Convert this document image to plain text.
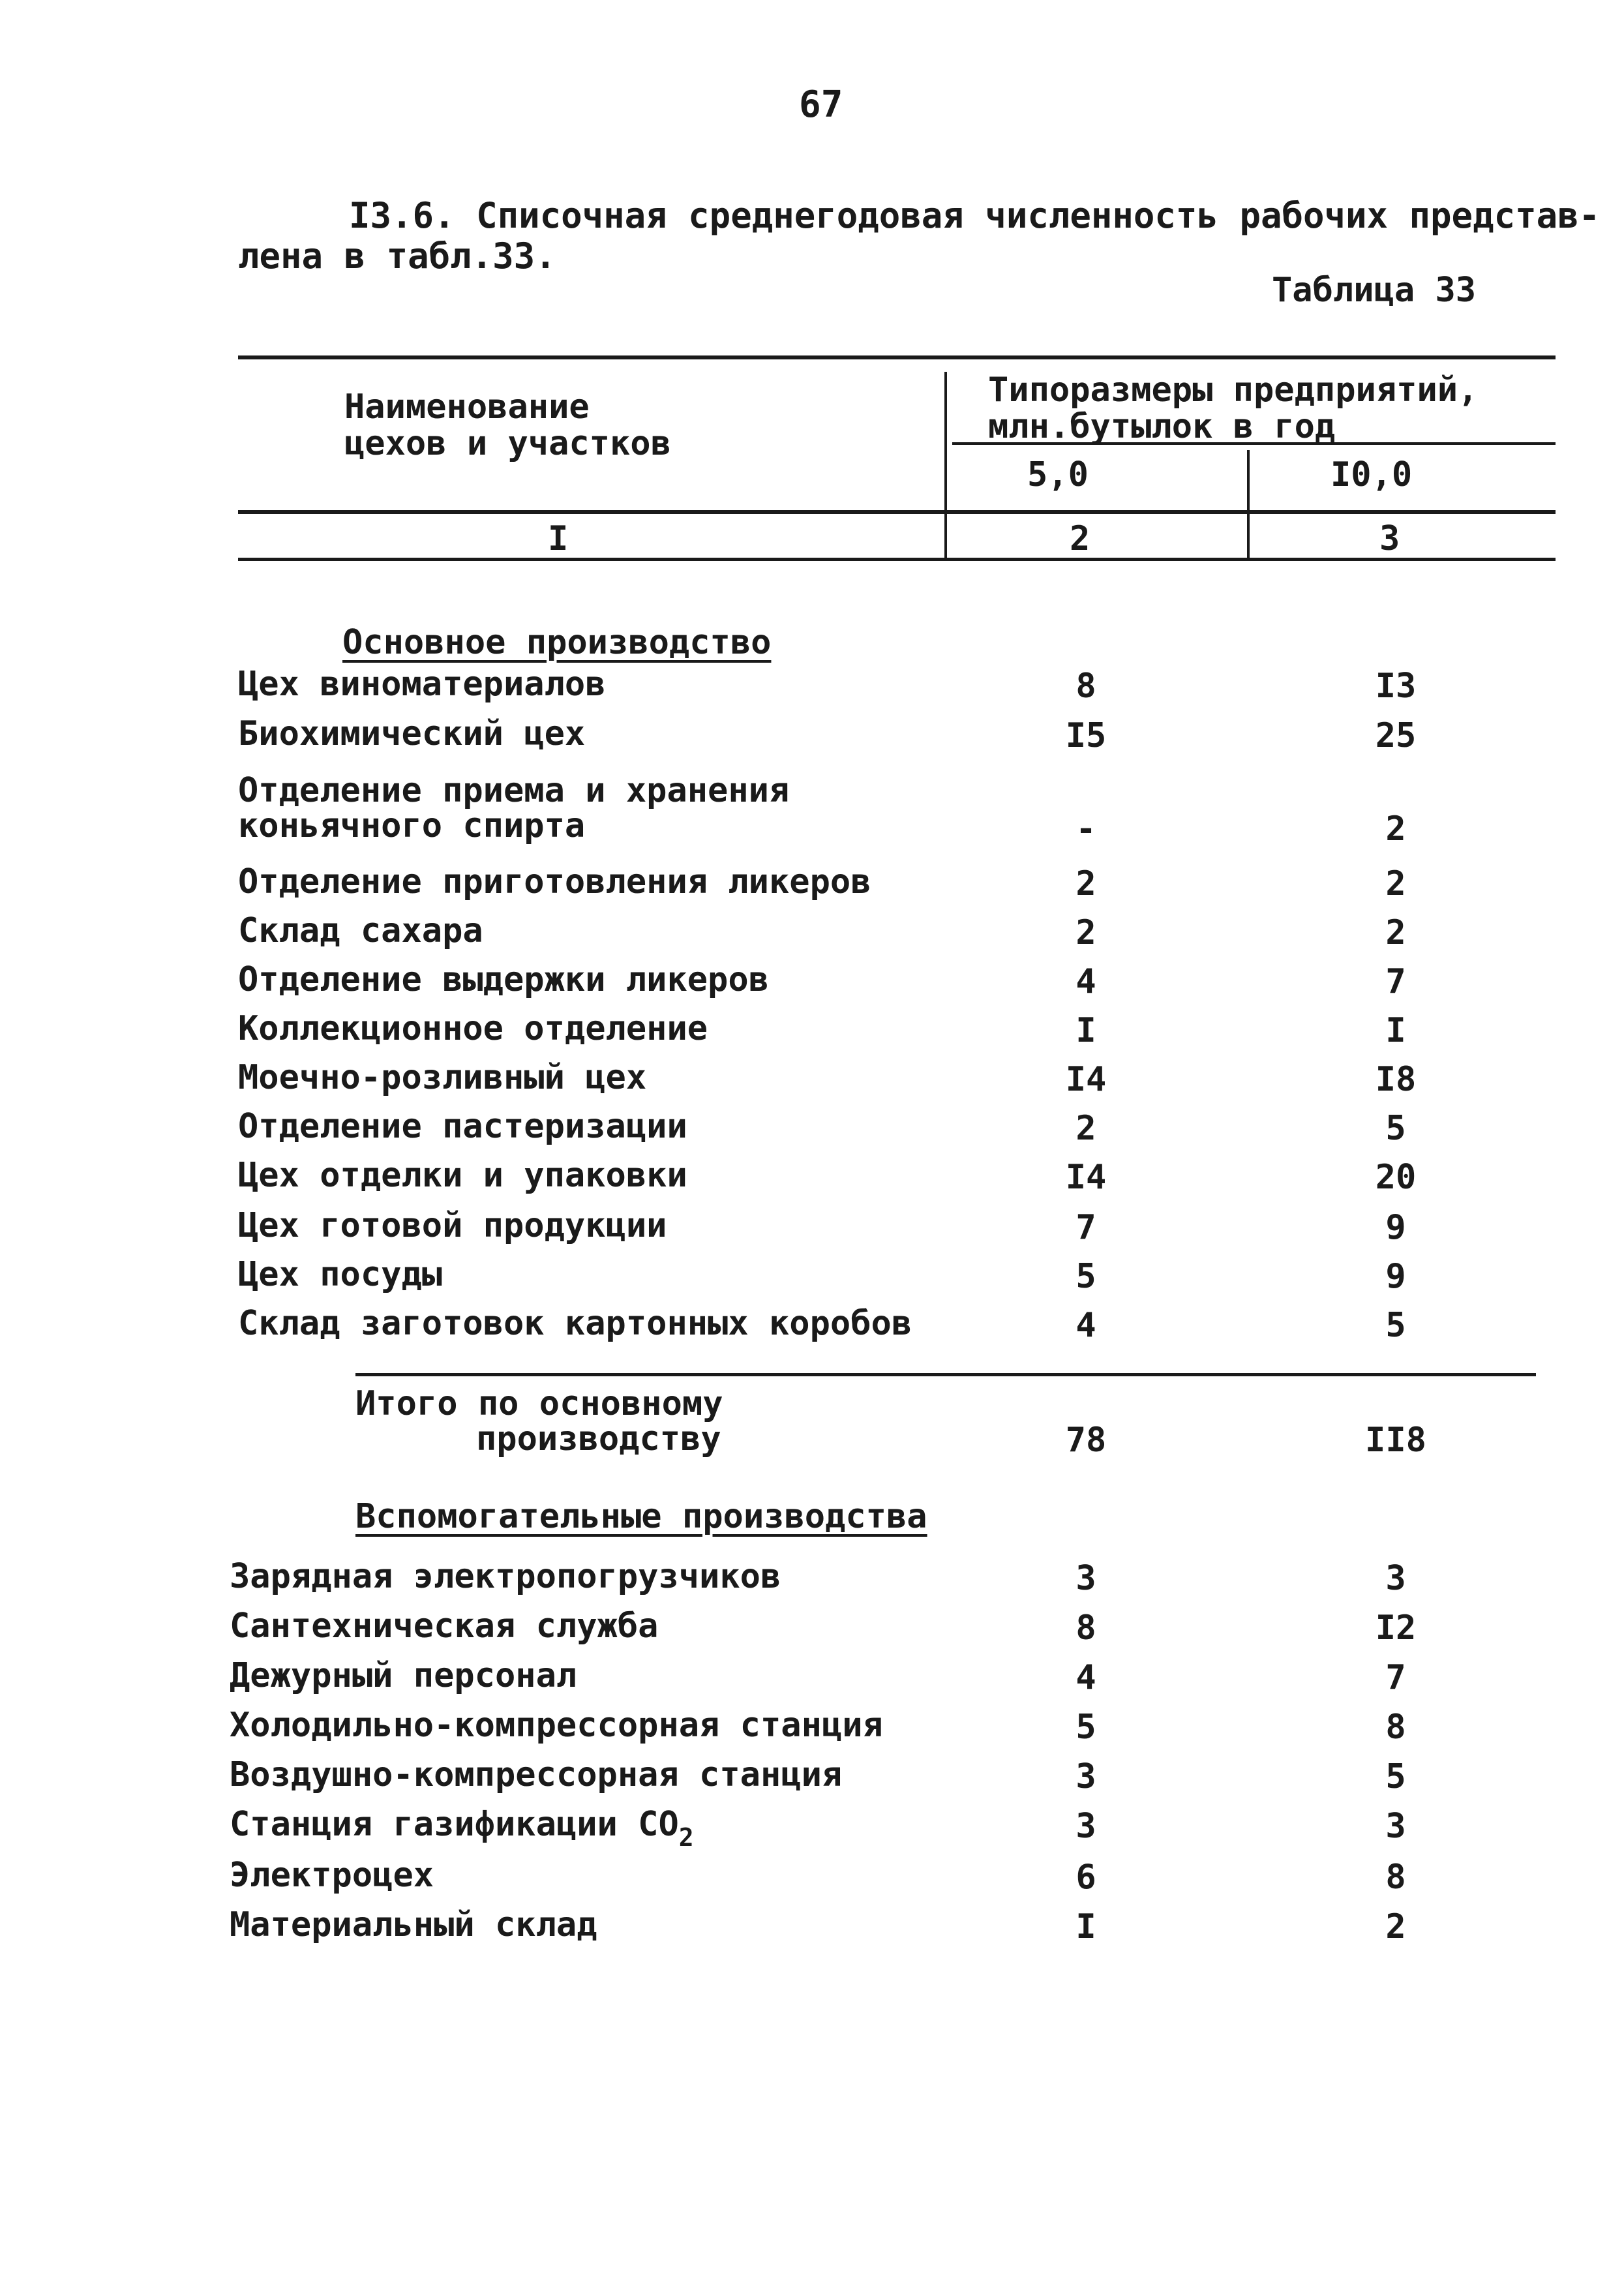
67
I3.6. Списочная среднегодовая численность рабочих представ-
лена в табл.33.
Таблица 33
Наименование
цехов и участков
Типоразмеры предприятий,
млн.бутылок в год
5,0	I0,0
I	2	3
Основное производство
Цех виноматериалов	8	I3
Биохимический цех	I5	25
Отделение приема и хранения
коньячного спирта	-	2
Отделение приготовления ликеров	2	2
Склад сахара	2	2
Отделение выдержки ликеров	4	7
Коллекционное отделение	I	I
Моечно-розливный цех	I4	I8
Отделение пастеризации	2	5
Цех отделки и упаковки	I4	20
Цех готовой продукции	7	9
Цех посуды	5	9
Склад заготовок картонных коробов	4	5
Итого по основному
производству	78	II8
Вспомогательные производства
Зарядная электропогрузчиков	3	3
Сантехническая служба	8	I2
Дежурный персонал	4	7
Холодильно-компрессорная станция	5	8
Воздушно-компрессорная станция	3	5
Станция газификации $СО_2$	3	3
Электроцех	6	8
Материальный склад	I	2
